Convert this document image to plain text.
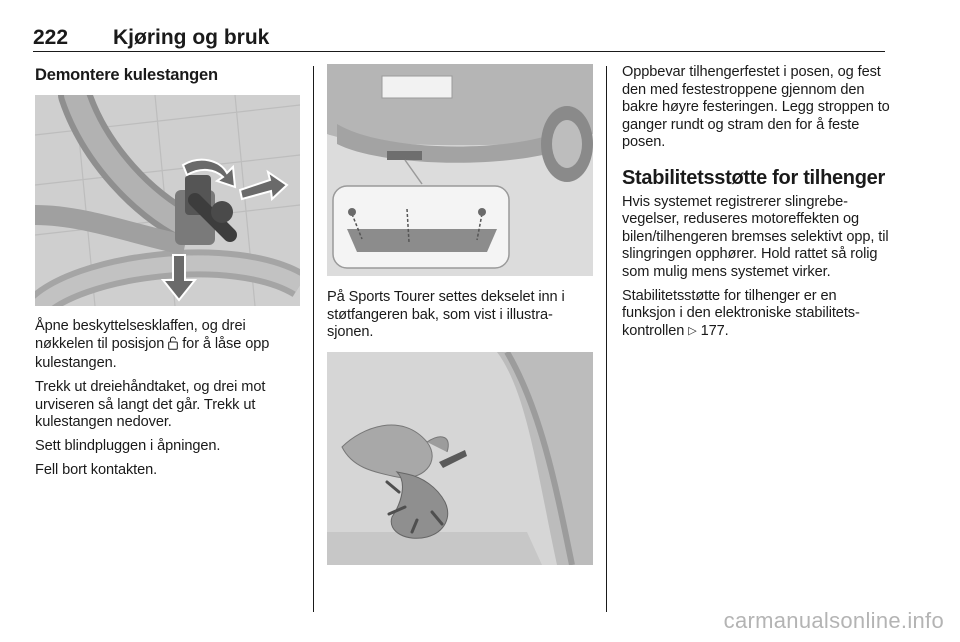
222 Kjøring og bruk
Demontere kulestangen

Åpne beskyttelsesklaffen, og drei nøkkelen til posisjon  for å låse opp kulestangen.

Trekk ut dreiehåndtaket, og drei mot urviseren så langt det går. Trekk ut kulestangen nedover.

Sett blindpluggen i åpningen.

Fell bort kontakten.

På Sports Tourer settes dekselet inn i støtfangeren bak, som vist i illustrasjonen.

Oppbevar tilhengerfestet i posen, og fest den med festestroppene gjennom den bakre høyre festeringen. Legg stroppen to ganger rundt og stram den for å feste posen.

Stabilitetsstøtte for tilhenger

Hvis systemet registrerer slingrebevegelser, reduseres motoreffekten og bilen/tilhengeren bremses selektivt opp, til slingringen opphører. Hold rattet så rolig som mulig mens systemet virker.

Stabilitetsstøtte for tilhenger er en funksjon i den elektroniske stabilitetskontrollen ▷ 177.

carmanualsonline.info
